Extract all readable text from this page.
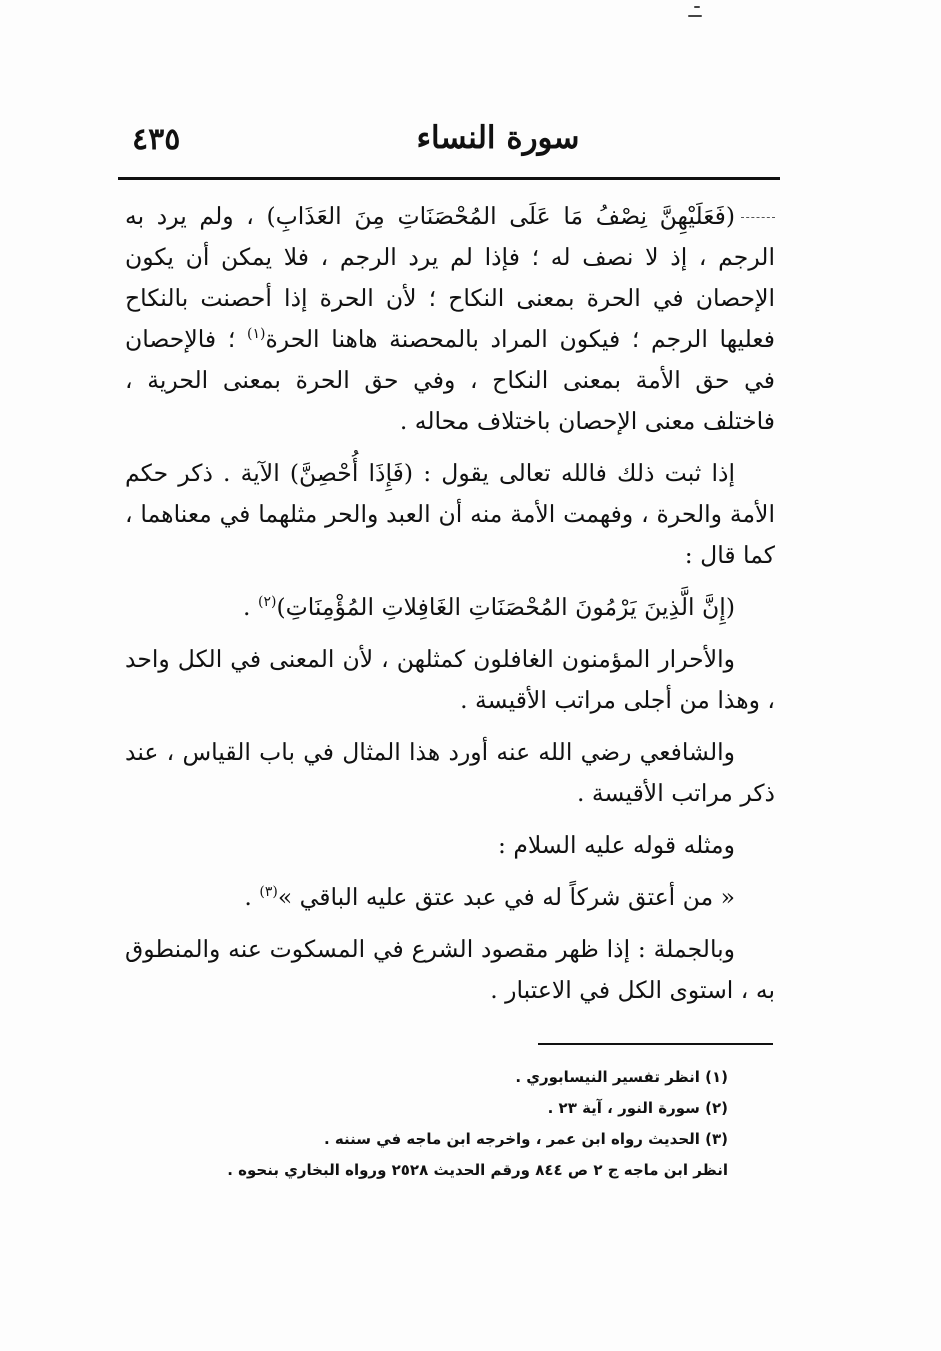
٤٣٥	سورة النساء

(فَعَلَيْهِنَّ نِصْفُ مَا عَلَى المُحْصَنَاتِ مِنَ العَذَابِ) ، ولم يرد به الرجم ، إذ لا نصف له ؛ فإذا لم يرد الرجم ، فلا يمكن أن يكون الإحصان في الحرة بمعنى النكاح ؛ لأن الحرة إذا أحصنت بالنكاح فعليها الرجم ؛ فيكون المراد بالمحصنة هاهنا الحرة$^{(١)}$ ؛ فالإحصان في حق الأمة بمعنى النكاح ، وفي حق الحرة بمعنى الحرية ، فاختلف معنى الإحصان باختلاف محاله .

إذا ثبت ذلك فالله تعالى يقول : (فَإِذَا أُحْصِنَّ) الآية . ذكر حكم الأمة والحرة ، وفهمت الأمة منه أن العبد والحر مثلهما في معناهما ، كما قال :

(إِنَّ الَّذِينَ يَرْمُونَ المُحْصَنَاتِ الغَافِلاتِ المُؤْمِنَاتِ)$^{(٢)}$ .

والأحرار المؤمنون الغافلون كمثلهن ، لأن المعنى في الكل واحد ، وهذا من أجلى مراتب الأقيسة .

والشافعي رضي الله عنه أورد هذا المثال في باب القياس ، عند ذكر مراتب الأقيسة .

ومثله قوله عليه السلام :

« من أعتق شركاً له في عبد عتق عليه الباقي »$^{(٣)}$ .

وبالجملة : إذا ظهر مقصود الشرع في المسكوت عنه والمنطوق به ، استوى الكل في الاعتبار .

(١) انظر تفسير النيسابوري .
(٢) سورة النور ، آية ٢٣ .
(٣) الحديث رواه ابن عمر ، واخرجه ابن ماجه في سننه .
انظر ابن ماجه ج ٢ ص ٨٤٤ ورقم الحديث ٢٥٢٨ ورواه البخاري بنحوه .
